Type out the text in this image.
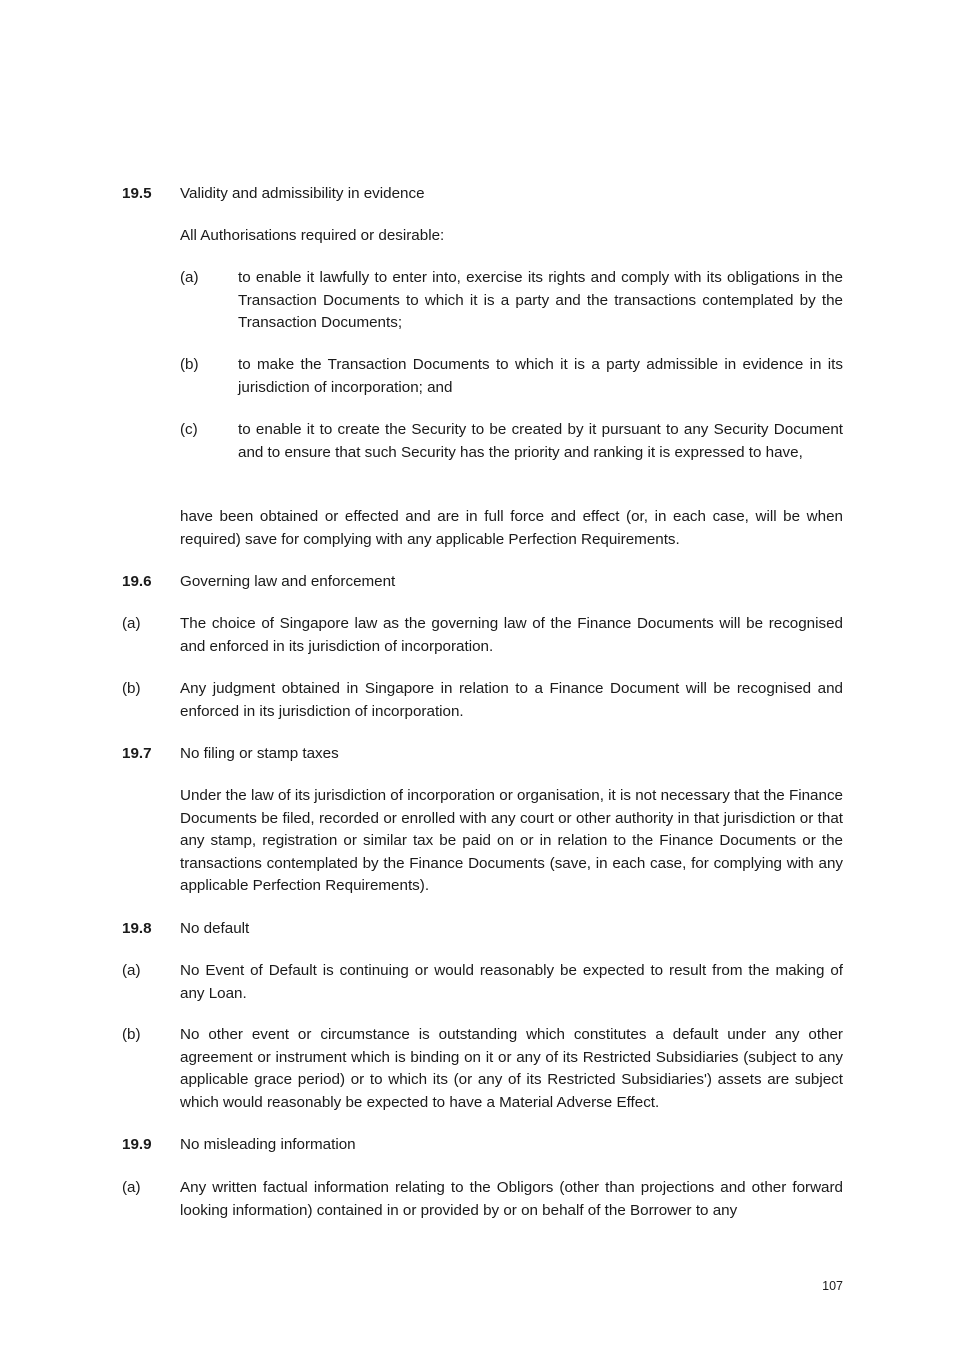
19.5 Validity and admissibility in evidence

All Authorisations required or desirable:

(a)	to enable it lawfully to enter into, exercise its rights and comply with its obligations in the Transaction Documents to which it is a party and the transactions contemplated by the Transaction Documents;

(b)	to make the Transaction Documents to which it is a party admissible in evidence in its jurisdiction of incorporation; and

(c)	to enable it to create the Security to be created by it pursuant to any Security Document and to ensure that such Security has the priority and ranking it is expressed to have,

have been obtained or effected and are in full force and effect (or, in each case, will be when required) save for complying with any applicable Perfection Requirements.

19.6 Governing law and enforcement
(a)	The choice of Singapore law as the governing law of the Finance Documents will be recognised and enforced in its jurisdiction of incorporation.

(b)	Any judgment obtained in Singapore in relation to a Finance Document will be recognised and enforced in its jurisdiction of incorporation.

19.7 No filing or stamp taxes

Under the law of its jurisdiction of incorporation or organisation, it is not necessary that the Finance Documents be filed, recorded or enrolled with any court or other authority in that jurisdiction or that any stamp, registration or similar tax be paid on or in relation to the Finance Documents or the transactions contemplated by the Finance Documents (save, in each case, for complying with any applicable Perfection Requirements).

19.8 No default
(a)	No Event of Default is continuing or would reasonably be expected to result from the making of any Loan.

(b)	No other event or circumstance is outstanding which constitutes a default under any other agreement or instrument which is binding on it or any of its Restricted Subsidiaries (subject to any applicable grace period) or to which its (or any of its Restricted Subsidiaries') assets are subject which would reasonably be expected to have a Material Adverse Effect.

19.9 No misleading information
(a)	Any written factual information relating to the Obligors (other than projections and other forward looking information) contained in or provided by or on behalf of the Borrower to any

107
